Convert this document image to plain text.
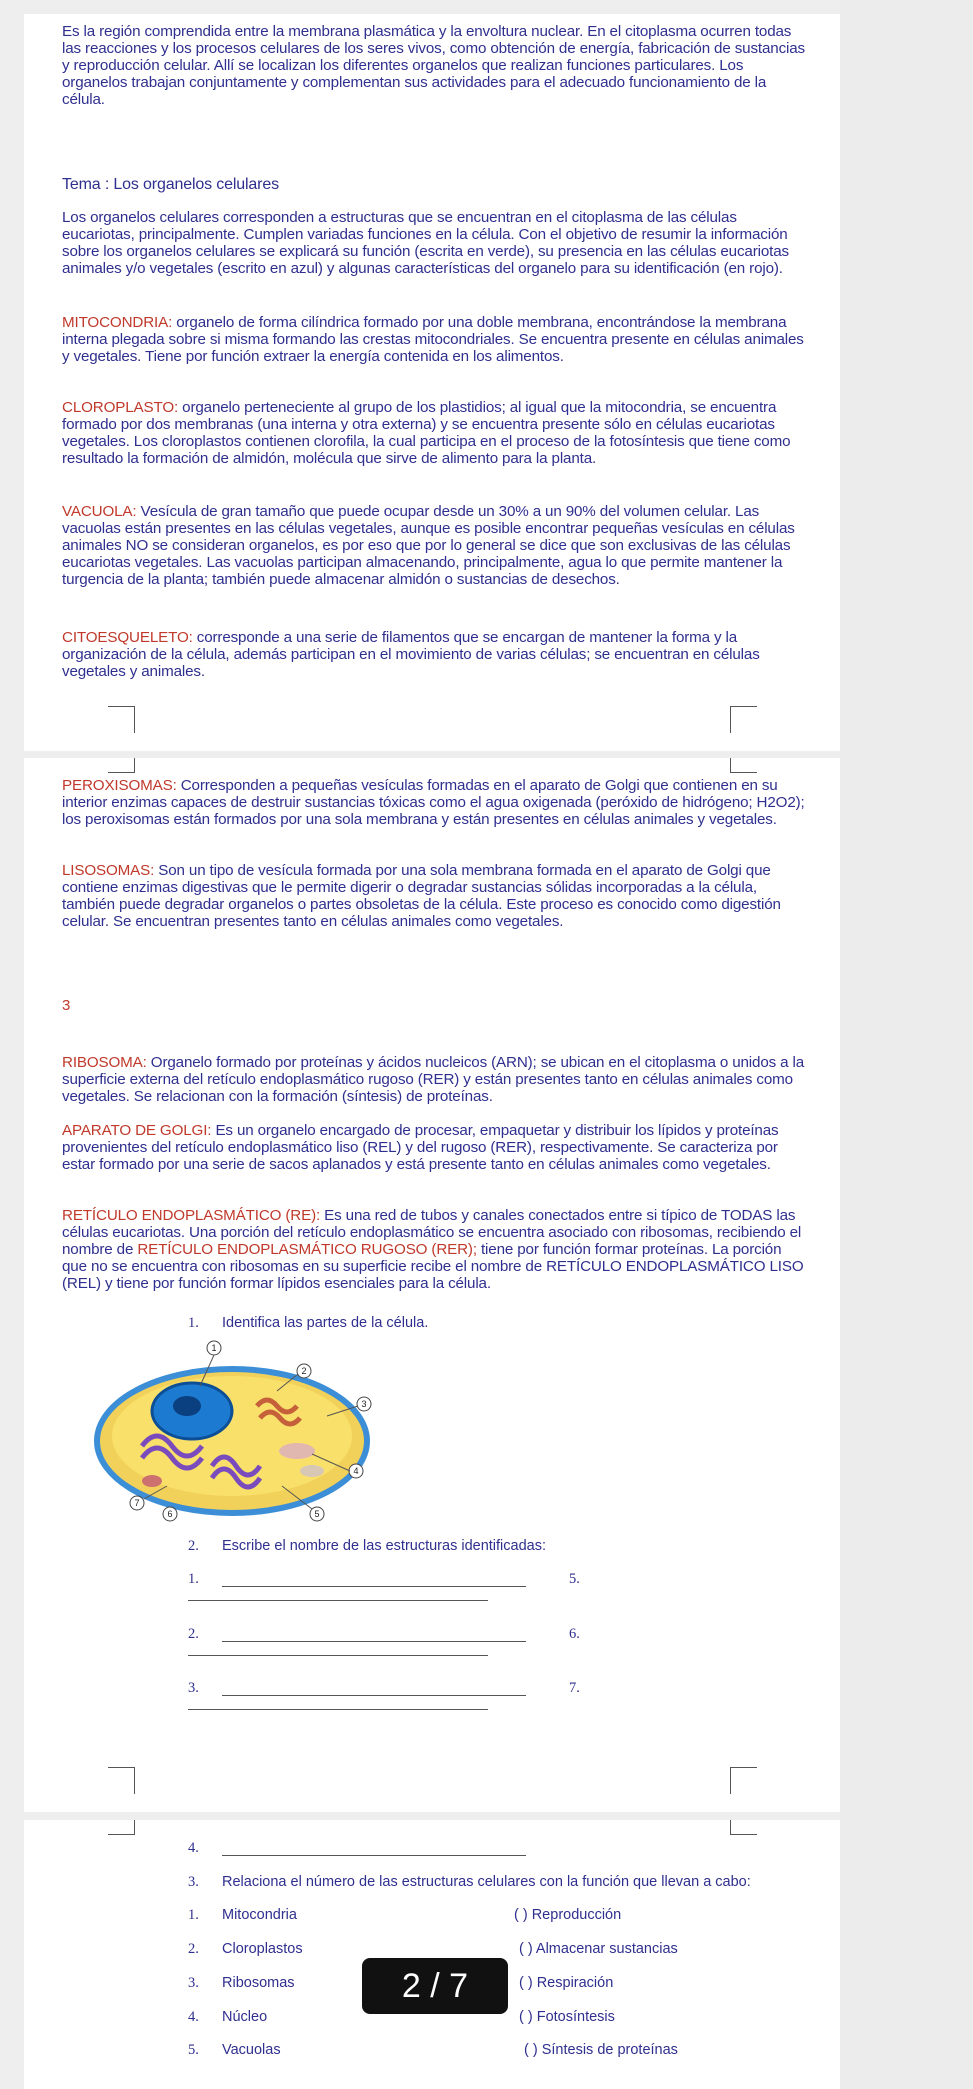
Es la región comprendida entre la membrana plasmática y la envoltura nuclear. En el citoplasma ocurren todas las reacciones y los procesos celulares de los seres vivos, como obtención de energía, fabricación de sustancias y reproducción celular. Allí se localizan los diferentes organelos que realizan funciones particulares. Los organelos trabajan conjuntamente y complementan sus actividades para el adecuado funcionamiento de la célula.

Tema : Los organelos celulares

Los organelos celulares corresponden a estructuras que se encuentran en el citoplasma de las células eucariotas, principalmente. Cumplen variadas funciones en la célula. Con el objetivo de resumir la información sobre los organelos celulares se explicará su función (escrita en verde), su presencia en las células eucariotas animales y/o vegetales (escrito en azul) y algunas características del organelo para su identificación (en rojo).

MITOCONDRIA: organelo de forma cilíndrica formado por una doble membrana, encontrándose la membrana interna plegada sobre si misma formando las crestas mitocondriales. Se encuentra presente en células animales y vegetales. Tiene por función extraer la energía contenida en los alimentos.

CLOROPLASTO: organelo perteneciente al grupo de los plastidios; al igual que la mitocondria, se encuentra formado por dos membranas (una interna y otra externa) y se encuentra presente sólo en células eucariotas vegetales. Los cloroplastos contienen clorofila, la cual participa en el proceso de la fotosíntesis que tiene como resultado la formación de almidón, molécula que sirve de alimento para la planta.

VACUOLA: Vesícula de gran tamaño que puede ocupar desde un 30% a un 90% del volumen celular. Las vacuolas están presentes en las células vegetales, aunque es posible encontrar pequeñas vesículas en células animales NO se consideran organelos, es por eso que por lo general se dice que son exclusivas de las células eucariotas vegetales. Las vacuolas participan almacenando, principalmente, agua lo que permite mantener la turgencia de la planta; también puede almacenar almidón o sustancias de desechos.

CITOESQUELETO: corresponde a una serie de filamentos que se encargan de mantener la forma y la organización de la célula, además participan en el movimiento de varias células; se encuentran en células vegetales y animales.

PEROXISOMAS: Corresponden a pequeñas vesículas formadas en el aparato de Golgi que contienen en su interior enzimas capaces de destruir sustancias tóxicas como el agua oxigenada (peróxido de hidrógeno; H2O2); los peroxisomas están formados por una sola membrana y están presentes en células animales y vegetales.

LISOSOMAS: Son un tipo de vesícula formada por una sola membrana formada en el aparato de Golgi que contiene enzimas digestivas que le permite digerir o degradar sustancias sólidas incorporadas a la célula, también puede degradar organelos o partes obsoletas de la célula. Este proceso es conocido como digestión celular. Se encuentran presentes tanto en células animales como vegetales.

3

RIBOSOMA: Organelo formado por proteínas y ácidos nucleicos (ARN); se ubican en el citoplasma o unidos a la superficie externa del retículo endoplasmático rugoso (RER) y están presentes tanto en células animales como vegetales. Se relacionan con la formación (síntesis) de proteínas.

APARATO DE GOLGI: Es un organelo encargado de procesar, empaquetar y distribuir los lípidos y proteínas provenientes del retículo endoplasmático liso (REL) y del rugoso (RER), respectivamente. Se caracteriza por estar formado por una serie de sacos aplanados y está presente tanto en células animales como vegetales.

RETÍCULO ENDOPLASMÁTICO (RE): Es una red de tubos y canales conectados entre si típico de TODAS las células eucariotas. Una porción del retículo endoplasmático se encuentra asociado con ribosomas, recibiendo el nombre de RETÍCULO ENDOPLASMÁTICO RUGOSO (RER); tiene por función formar proteínas. La porción que no se encuentra con ribosomas en su superficie recibe el nombre de RETÍCULO ENDOPLASMÁTICO LISO (REL) y tiene por función formar lípidos esenciales para la célula.

1. Identifica las partes de la célula.
1
2
3
4
5
6
7
2. Escribe el nombre de las estructuras identificadas:
1.	5.
2.	6.
3.	7.
4.
3. Relaciona el número de las estructuras celulares con la función que llevan a cabo:
1. Mitocondria	( ) Reproducción
2. Cloroplastos	( ) Almacenar sustancias
3. Ribosomas	( ) Respiración
4. Núcleo	( ) Fotosíntesis
5. Vacuolas	( ) Síntesis de proteínas
2 / 7
